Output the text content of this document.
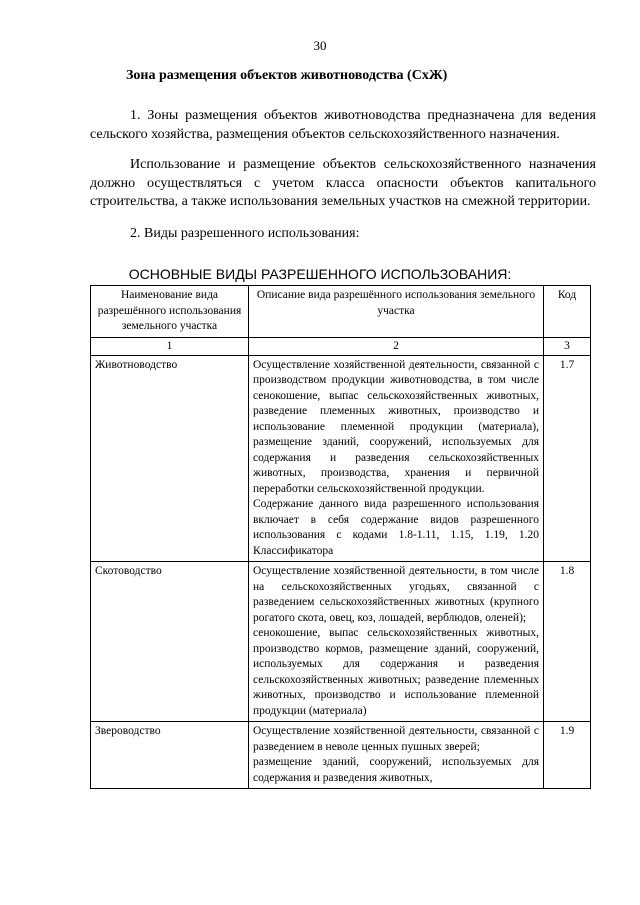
30
Зона размещения объектов животноводства (СхЖ)

1. Зоны размещения объектов животноводства предназначена для ведения сельского хозяйства, размещения объектов сельскохозяйственного назначения.

Использование и размещение объектов сельскохозяйственного назначения должно осуществляться с учетом класса опасности объектов капитального строительства, а также использования земельных участков на смежной территории.

2. Виды разрешенного использования:

ОСНОВНЫЕ ВИДЫ РАЗРЕШЕННОГО ИСПОЛЬЗОВАНИЯ:
Наименование вида разрешённого использования земельного участка	Описание вида разрешённого использования земельного участка	Код
1	2	3
Животноводство	Осуществление хозяйственной деятельности, связанной с производством продукции животноводства, в том числе сенокошение, выпас сельскохозяйственных животных, разведение племенных животных, производство и использование племенной продукции (материала), размещение зданий, сооружений, используемых для содержания и разведения сельскохозяйственных животных, производства, хранения и первичной переработки сельскохозяйственной продукции.

Содержание данного вида разрешенного использования включает в себя содержание видов разрешенного использования с кодами 1.8-1.11, 1.15, 1.19, 1.20 Классификатора	1.7
Скотоводство	Осуществление хозяйственной деятельности, в том числе на сельскохозяйственных угодьях, связанной с разведением сельскохозяйственных животных (крупного рогатого скота, овец, коз, лошадей, верблюдов, оленей);

сенокошение, выпас сельскохозяйственных животных, производство кормов, размещение зданий, сооружений, используемых для содержания и разведения сельскохозяйственных животных; разведение племенных животных, производство и использование племенной продукции (материала)	1.8
Звероводство	Осуществление хозяйственной деятельности, связанной с разведением в неволе ценных пушных зверей;

размещение зданий, сооружений, используемых для содержания и разведения животных,	1.9
